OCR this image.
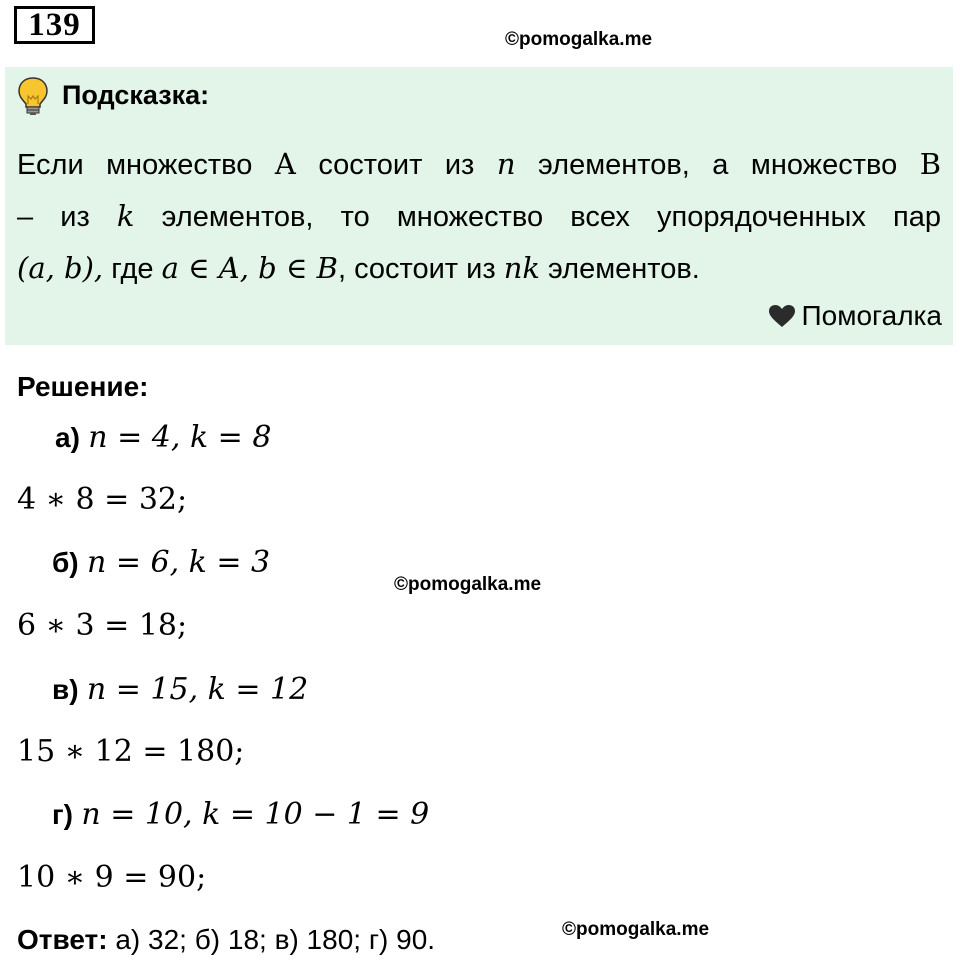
139	©pomogalka.me
Подсказка:
Если множество A состоит из n элементов, а множество B
– из k элементов, то множество всех упорядоченных пар
(a, b), где a ∈ A, b ∈ B, состоит из nk элементов.
Помогалка
Решение:
а) n = 4, k = 8
4 ∗ 8 = 32;
б) n = 6, k = 3
©pomogalka.me
6 ∗ 3 = 18;
в) n = 15, k = 12
15 ∗ 12 = 180;
г) n = 10, k = 10 − 1 = 9
10 ∗ 9 = 90;
Ответ: а) 32; б) 18; в) 180; г) 90.	©pomogalka.me
